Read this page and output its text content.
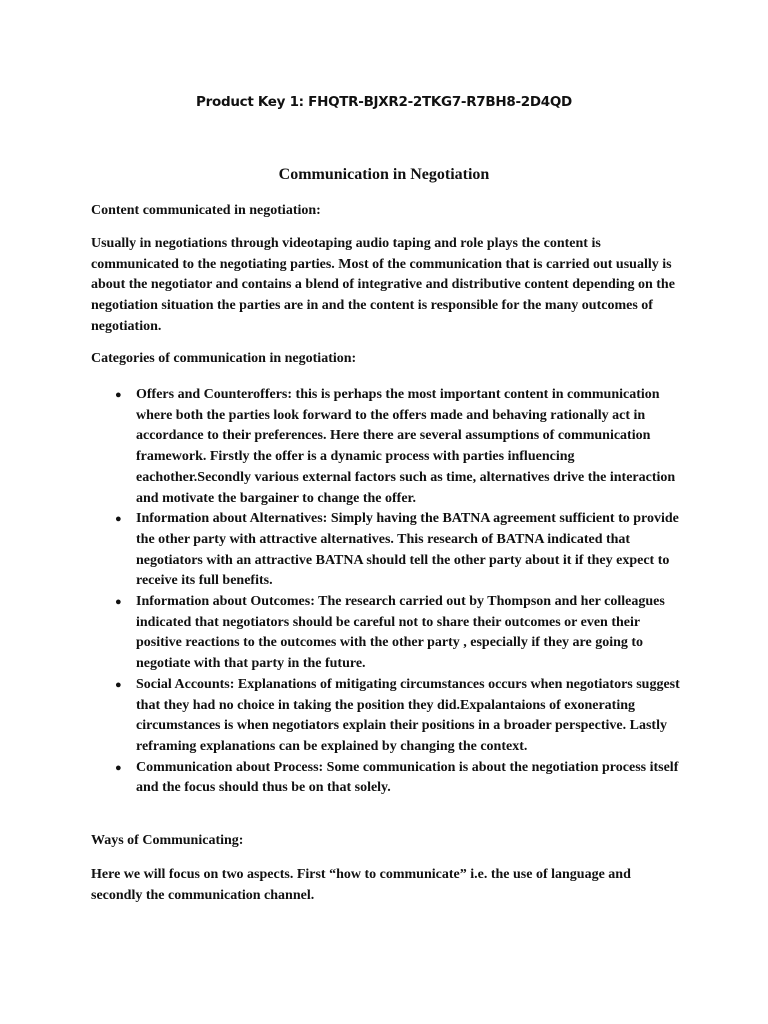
Product Key 1: FHQTR-BJXR2-2TKG7-R7BH8-2D4QD
Communication in Negotiation

Content communicated in negotiation:

Usually in negotiations through videotaping audio taping and role plays the content is communicated to the negotiating parties. Most of the communication that is carried out usually is about the negotiator and contains a blend of integrative and distributive content depending on the negotiation situation the parties are in and the content is responsible for the many outcomes of negotiation.

Categories of communication in negotiation:

● Offers and Counteroffers: this is perhaps the most important content in communication where both the parties look forward to the offers made and behaving rationally act in accordance to their preferences. Here there are several assumptions of communication framework. Firstly the offer is a dynamic process with parties influencing eachother.Secondly various external factors such as time, alternatives drive the interaction and motivate the bargainer to change the offer.
● Information about Alternatives: Simply having the BATNA agreement sufficient to provide the other party with attractive alternatives. This research of BATNA indicated that negotiators with an attractive BATNA should tell the other party about it if they expect to receive its full benefits.
● Information about Outcomes: The research carried out by Thompson and her colleagues indicated that negotiators should be careful not to share their outcomes or even their positive reactions to the outcomes with the other party , especially if they are going to negotiate with that party in the future.
● Social Accounts: Explanations of mitigating circumstances occurs when negotiators suggest that they had no choice in taking the position they did.Expalantaions of exonerating circumstances is when negotiators explain their positions in a broader perspective. Lastly reframing explanations can be explained by changing the context.
● Communication about Process: Some communication is about the negotiation process itself and the focus should thus be on that solely.

Ways of Communicating:

Here we will focus on two aspects. First “how to communicate” i.e. the use of language and secondly the communication channel.
